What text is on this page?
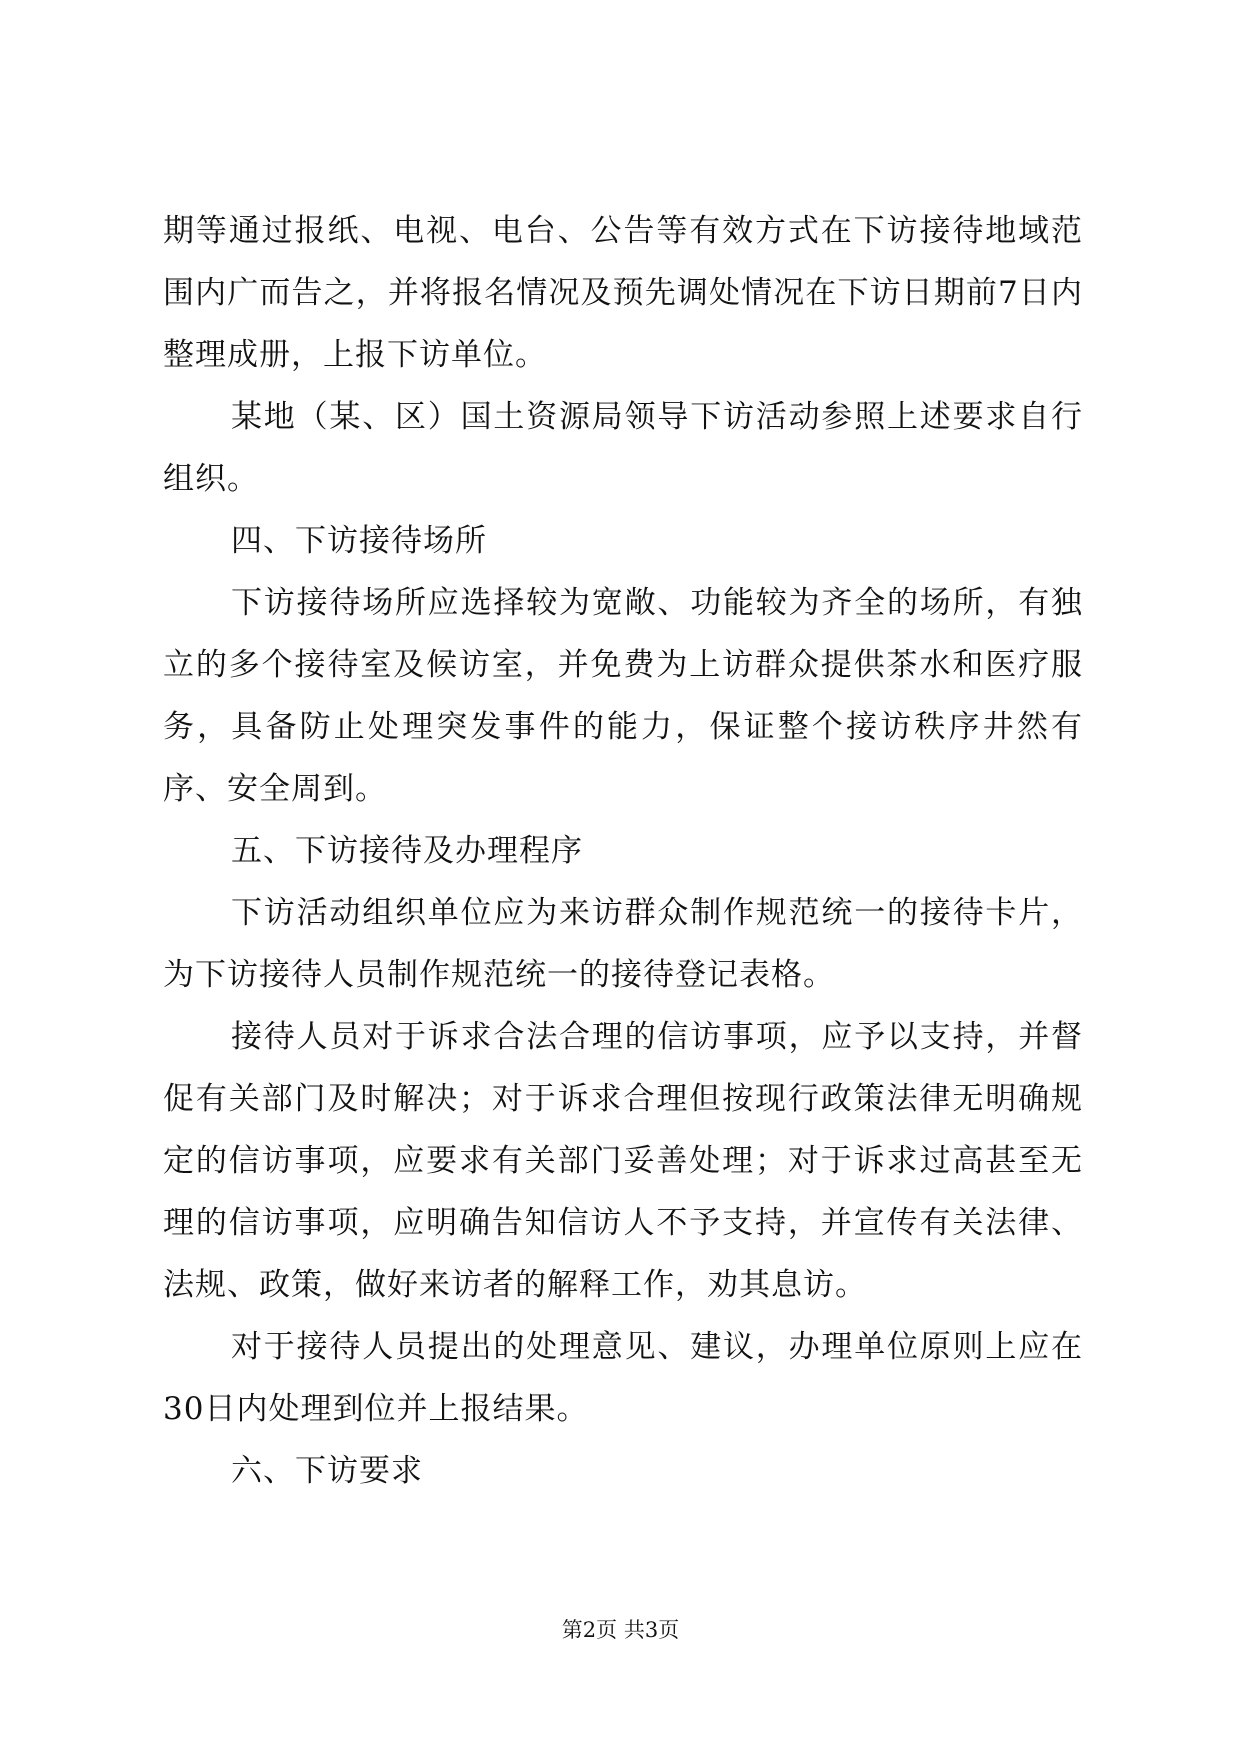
期等通过报纸、电视、电台、公告等有效方式在下访接待地域范围内广而告之，并将报名情况及预先调处情况在下访日期前7日内整理成册，上报下访单位。

某地（某、区）国土资源局领导下访活动参照上述要求自行组织。

四、下访接待场所

下访接待场所应选择较为宽敞、功能较为齐全的场所，有独立的多个接待室及候访室，并免费为上访群众提供茶水和医疗服务，具备防止处理突发事件的能力，保证整个接访秩序井然有序、安全周到。

五、下访接待及办理程序

下访活动组织单位应为来访群众制作规范统一的接待卡片，为下访接待人员制作规范统一的接待登记表格。

接待人员对于诉求合法合理的信访事项，应予以支持，并督促有关部门及时解决；对于诉求合理但按现行政策法律无明确规定的信访事项，应要求有关部门妥善处理；对于诉求过高甚至无理的信访事项，应明确告知信访人不予支持，并宣传有关法律、法规、政策，做好来访者的解释工作，劝其息访。

对于接待人员提出的处理意见、建议，办理单位原则上应在30日内处理到位并上报结果。

六、下访要求

第2页 共3页
